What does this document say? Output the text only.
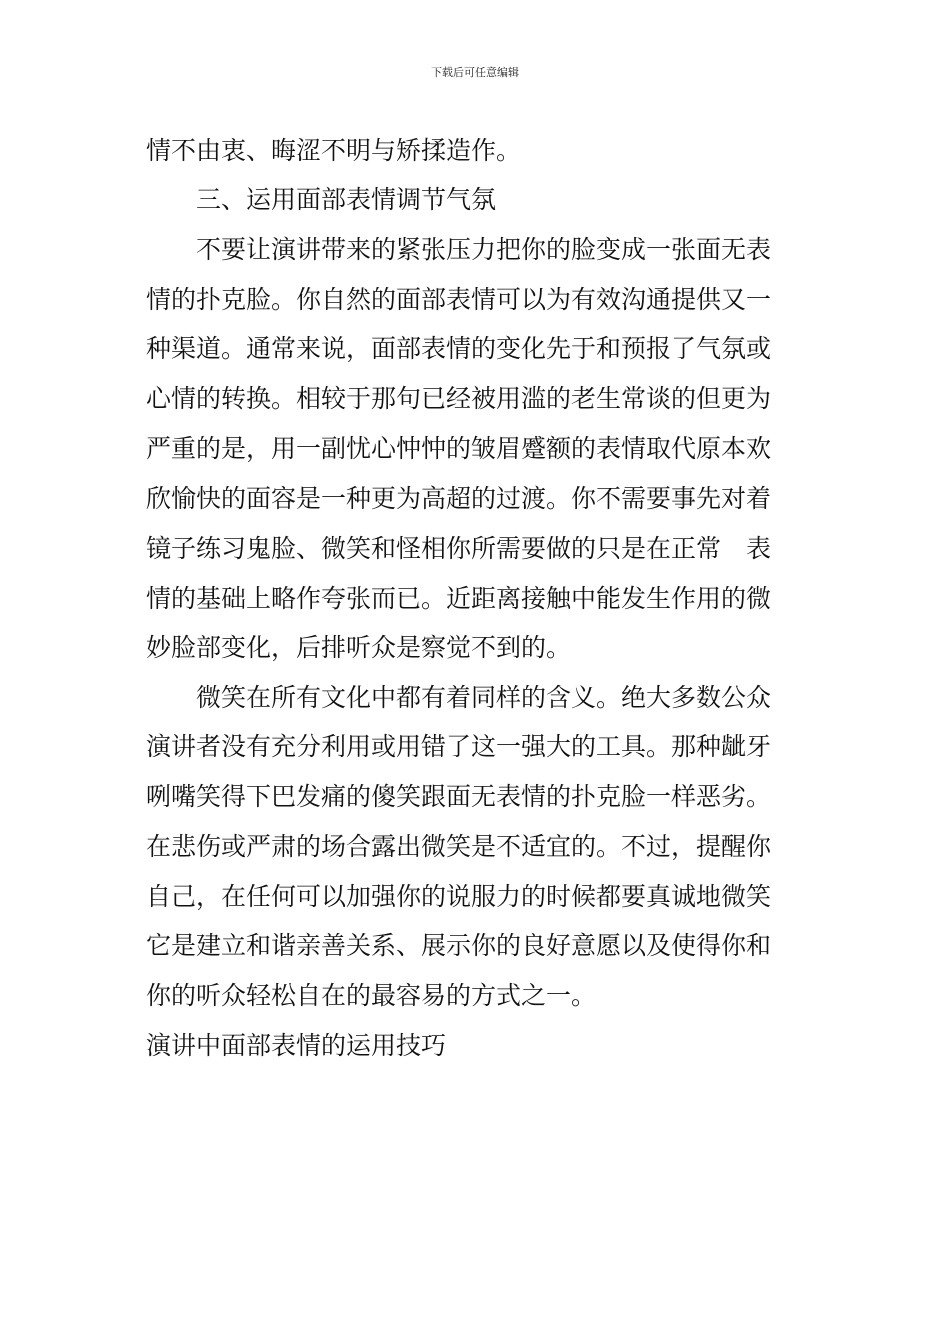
下载后可任意编辑
情不由衷、晦涩不明与矫揉造作。
三、运用面部表情调节气氛
不要让演讲带来的紧张压力把你的脸变成一张面无表
情的扑克脸。你自然的面部表情可以为有效沟通提供又一
种渠道。通常来说，面部表情的变化先于和预报了气氛或
心情的转换。相较于那句已经被用滥的老生常谈的但更为
严重的是，用一副忧心忡忡的皱眉蹙额的表情取代原本欢
欣愉快的面容是一种更为高超的过渡。你不需要事先对着
镜子练习鬼脸、微笑和怪相你所需要做的只是在正常　表
情的基础上略作夸张而已。近距离接触中能发生作用的微
妙脸部变化，后排听众是察觉不到的。
微笑在所有文化中都有着同样的含义。绝大多数公众
演讲者没有充分利用或用错了这一强大的工具。那种龇牙
咧嘴笑得下巴发痛的傻笑跟面无表情的扑克脸一样恶劣。
在悲伤或严肃的场合露出微笑是不适宜的。不过，提醒你
自己，在任何可以加强你的说服力的时候都要真诚地微笑
它是建立和谐亲善关系、展示你的良好意愿以及使得你和
你的听众轻松自在的最容易的方式之一。
演讲中面部表情的运用技巧
